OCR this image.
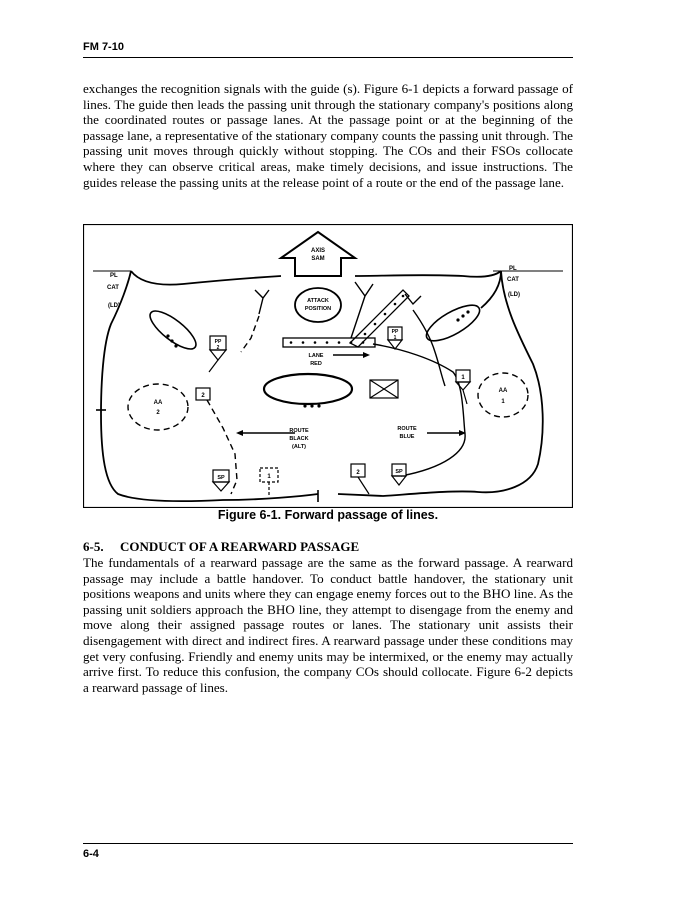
FM 7-10

exchanges the recognition signals with the guide (s). Figure 6-1 depicts a forward passage of lines. The guide then leads the passing unit through the stationary company's positions along the coordinated routes or passage lanes. At the passage point or at the beginning of the passage lane, a representative of the stationary company counts the passing unit through. The passing unit moves through quickly without stopping. The COs and their FSOs collocate where they can observe critical areas, make timely decisions, and issue instructions. The guides release the passing units at the release point of a route or the end of the passage lane.

AXIS
SAM
PL
CAT
(LD)
PL
CAT
(LD)
ATTACK
POSITION
LANE
RED
PP
2
PP
1
2
1
AA
2
AA
1
ROUTE
BLACK
(ALT)
ROUTE
BLUE
SP	1
2	SP
Figure 6-1. Forward passage of lines.
6-5. CONDUCT OF A REARWARD PASSAGE

The fundamentals of a rearward passage are the same as the forward passage. A rearward passage may include a battle handover. To conduct battle handover, the stationary unit positions weapons and units where they can engage enemy forces out to the BHO line. As the passing unit soldiers approach the BHO line, they attempt to disengage from the enemy and move along their assigned passage routes or lanes. The stationary unit assists their disengagement with direct and indirect fires. A rearward passage under these conditions may get very confusing. Friendly and enemy units may be intermixed, or the enemy may actually arrive first. To reduce this confusion, the company COs should collocate. Figure 6-2 depicts a rearward passage of lines.

6-4
